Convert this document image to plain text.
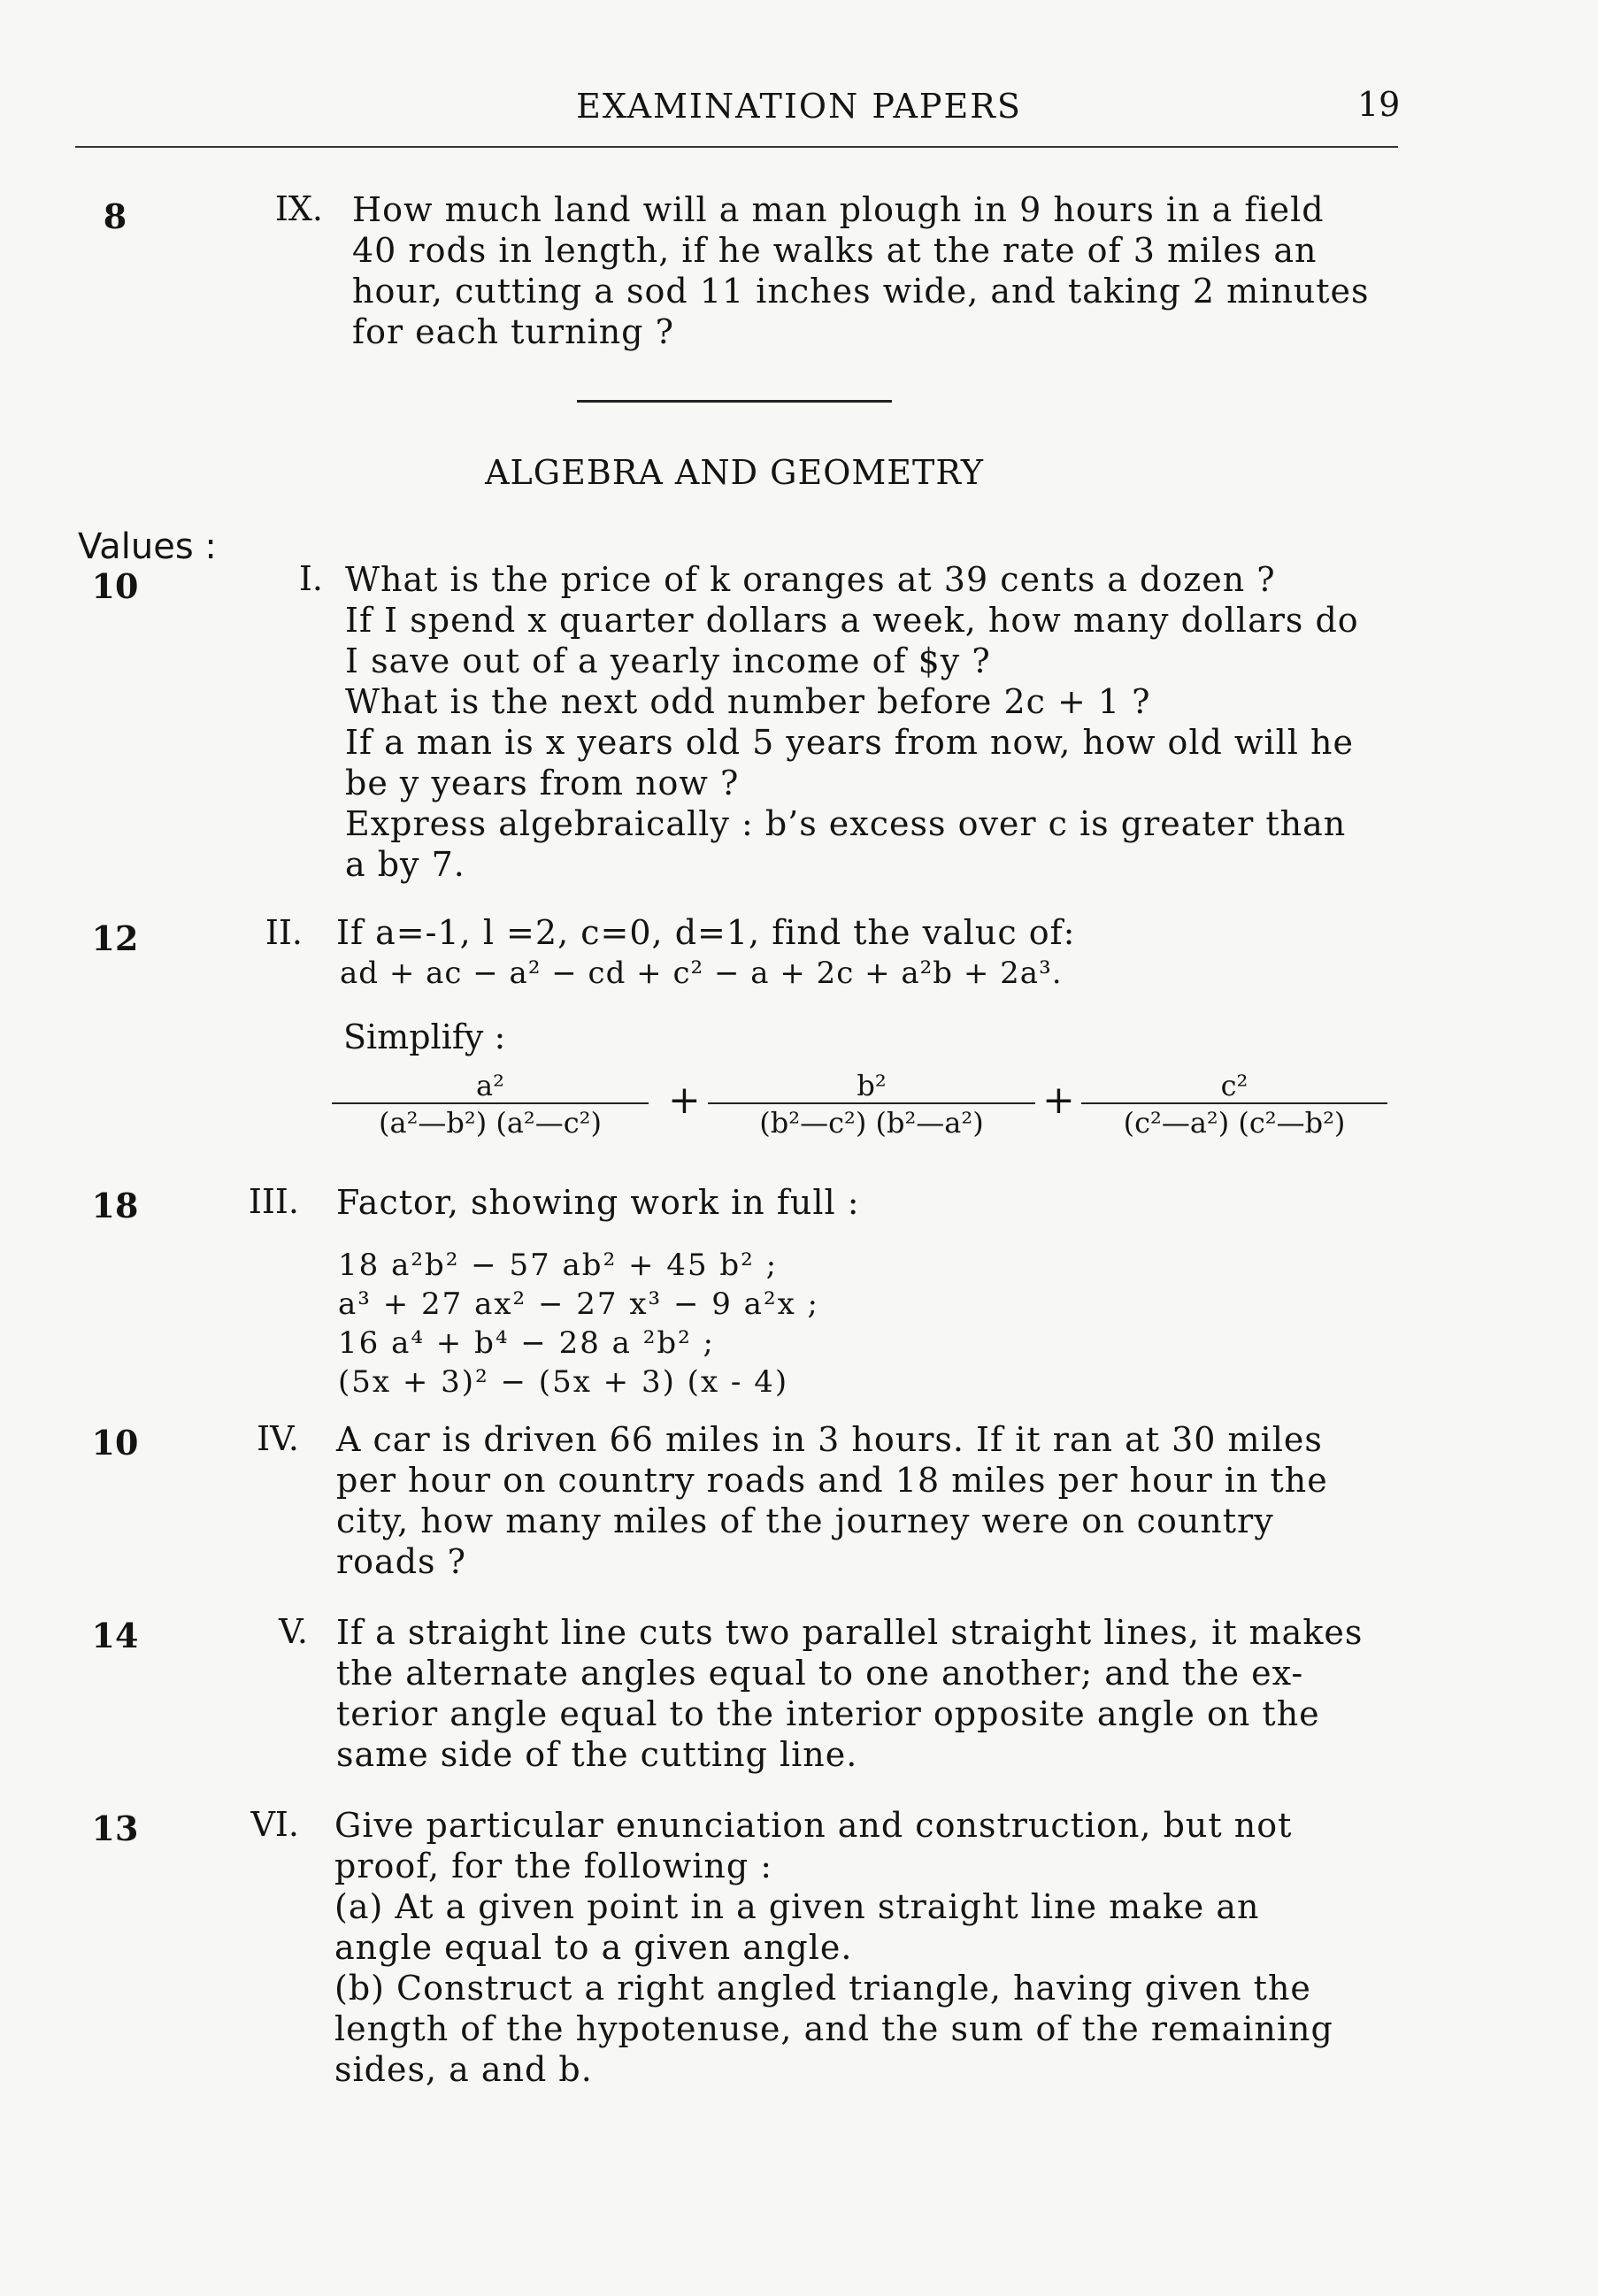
EXAMINATION PAPERS	19
8	IX. How much land will a man plough in 9 hours in a field
40 rods in length, if he walks at the rate of 3 miles an
hour, cutting a sod 11 inches wide, and taking 2 minutes
for each turning ?
ALGEBRA AND GEOMETRY
Values :
10	I. What is the price of k oranges at 39 cents a dozen ?
If I spend x quarter dollars a week, how many dollars do
I save out of a yearly income of $y ?
What is the next odd number before 2c + 1 ?
If a man is x years old 5 years from now, how old will he
be y years from now ?
Express algebraically : b’s excess over c is greater than
a by 7.
12	II. If a=-1, l =2, c=0, d=1, find the valuc of:
ad + ac − a² − cd + c² − a + 2c + a²b + 2a³.
Simplify :
a²
(a²—b²) (a²—c²)	+	b²
(b²—c²) (b²—a²)	+	c²
(c²—a²) (c²—b²)
18	III. Factor, showing work in full :
18 a²b² − 57 ab² + 45 b² ;
a³ + 27 ax² − 27 x³ − 9 a²x ;
16 a⁴ + b⁴ − 28 a ²b² ;
(5x + 3)² − (5x + 3) (x - 4)
10	IV. A car is driven 66 miles in 3 hours. If it ran at 30 miles
per hour on country roads and 18 miles per hour in the
city, how many miles of the journey were on country
roads ?
14	V. If a straight line cuts two parallel straight lines, it makes
the alternate angles equal to one another; and the ex-
terior angle equal to the interior opposite angle on the
same side of the cutting line.
13	VI. Give particular enunciation and construction, but not
proof, for the following :
(a) At a given point in a given straight line make an
angle equal to a given angle.
(b) Construct a right angled triangle, having given the
length of the hypotenuse, and the sum of the remaining
sides, a and b.
